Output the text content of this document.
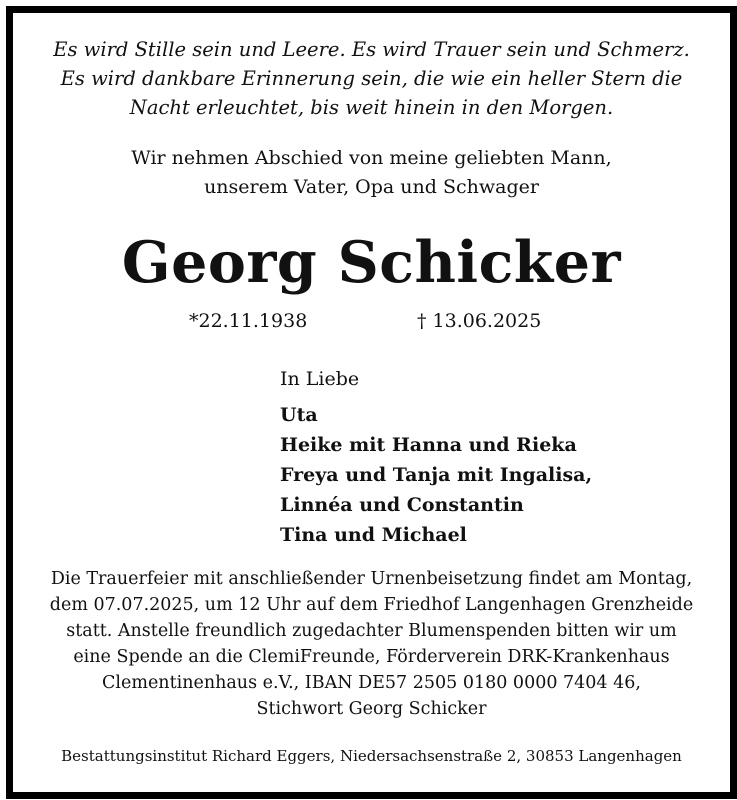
Es wird Stille sein und Leere. Es wird Trauer sein und Schmerz.
Es wird dankbare Erinnerung sein, die wie ein heller Stern die
Nacht erleuchtet, bis weit hinein in den Morgen.
Wir nehmen Abschied von meine geliebten Mann,
unserem Vater, Opa und Schwager
Georg Schicker
*22.11.1938	† 13.06.2025
In Liebe
Uta
Heike mit Hanna und Rieka
Freya und Tanja mit Ingalisa,
Linnéa und Constantin
Tina und Michael
Die Trauerfeier mit anschließender Urnenbeisetzung findet am Montag,
dem 07.07.2025, um 12 Uhr auf dem Friedhof Langenhagen Grenzheide
statt. Anstelle freundlich zugedachter Blumenspenden bitten wir um
eine Spende an die ClemiFreunde, Förderverein DRK-Krankenhaus
Clementinenhaus e.V., IBAN DE57 2505 0180 0000 7404 46,
Stichwort Georg Schicker
Bestattungsinstitut Richard Eggers, Niedersachsenstraße 2, 30853 Langenhagen
